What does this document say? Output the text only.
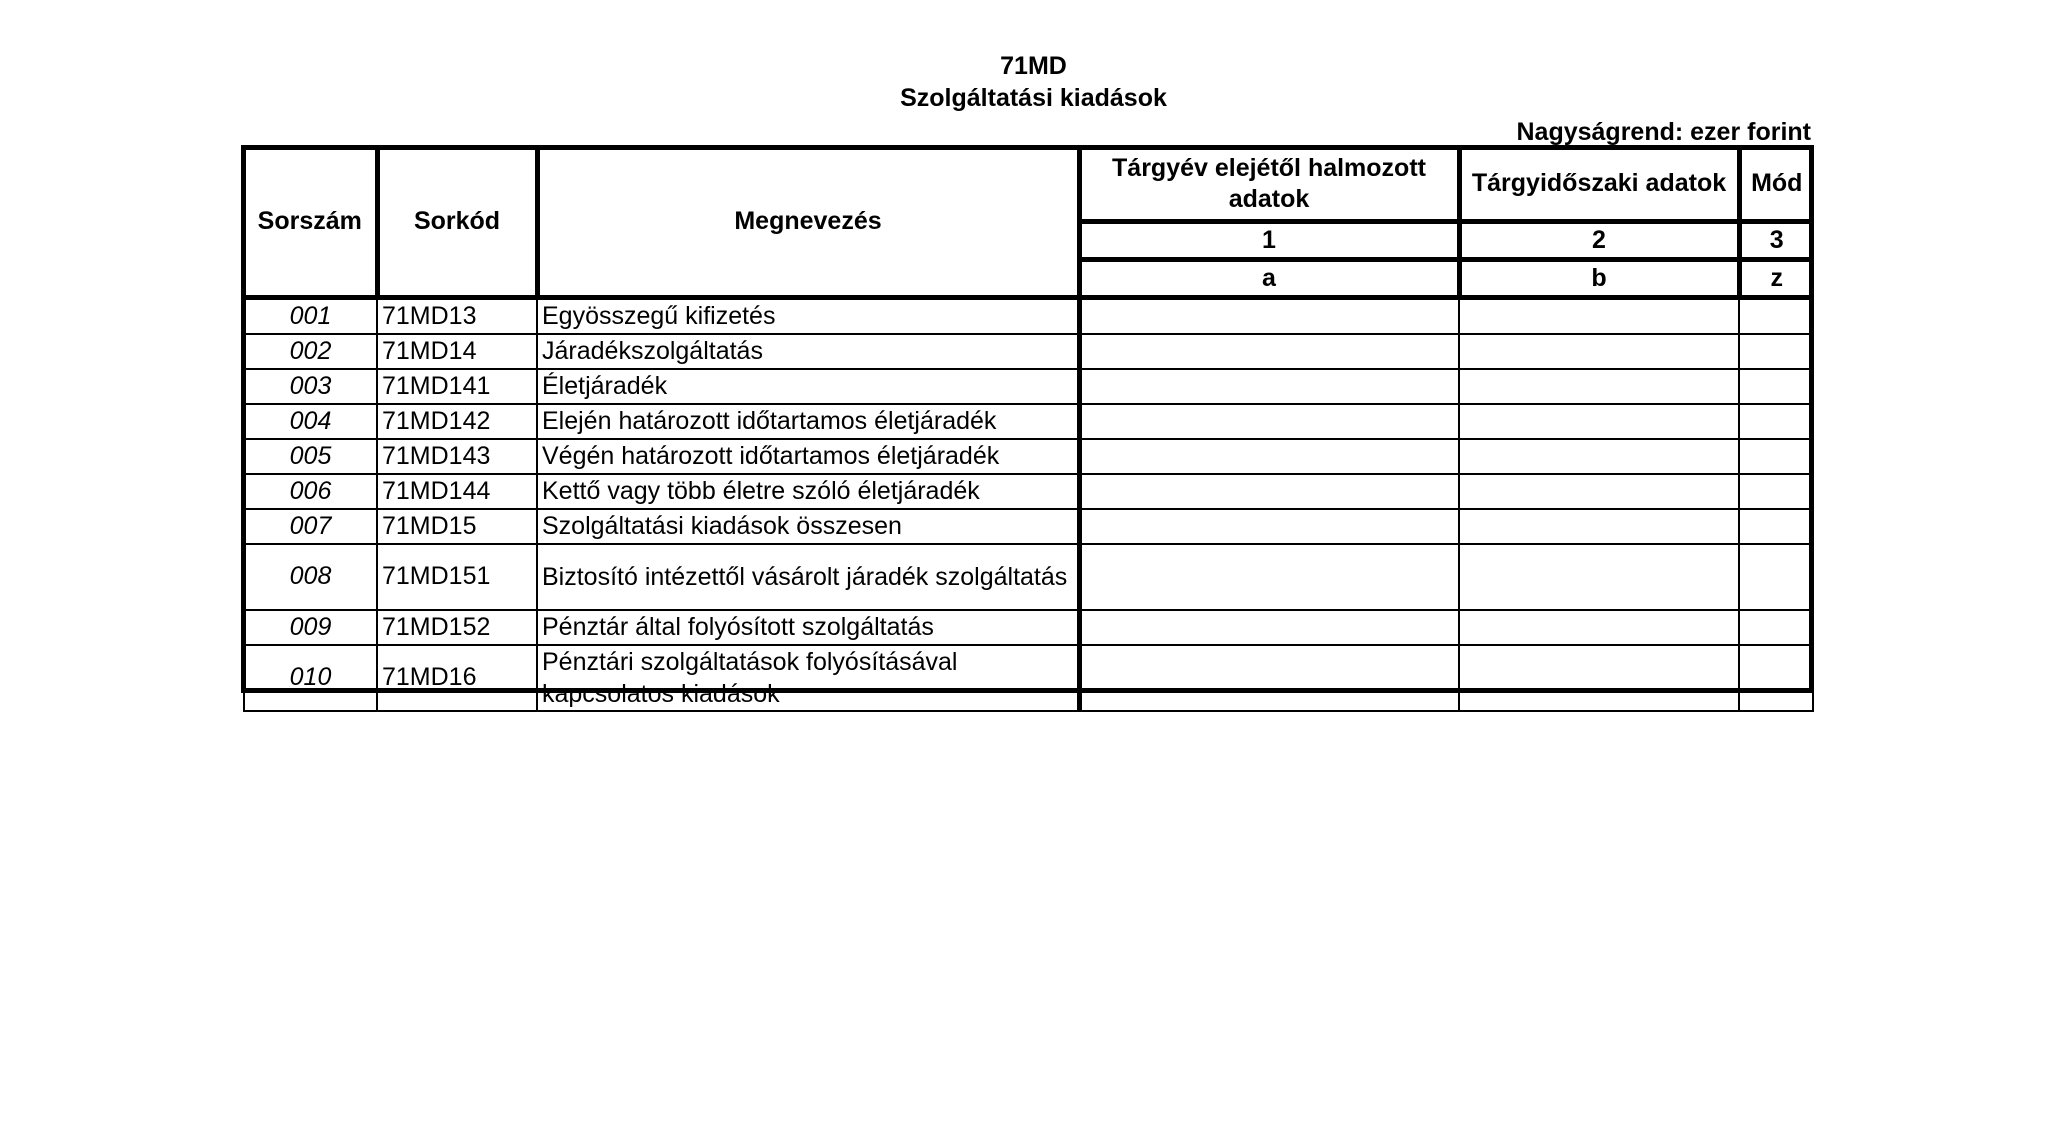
71MD
Szolgáltatási kiadások
Nagyságrend: ezer forint
Sorszám	Sorkód	Megnevezés	Tárgyév elejétől halmozott adatok	Tárgyidőszaki adatok	Mód
			1	2	3
			a	b	z
001	71MD13	Egyösszegű kifizetés			
002	71MD14	Járadékszolgáltatás			
003	71MD141	Életjáradék			
004	71MD142	Elején határozott időtartamos életjáradék			
005	71MD143	Végén határozott időtartamos életjáradék			
006	71MD144	Kettő vagy több életre szóló életjáradék			
007	71MD15	Szolgáltatási kiadások összesen			
008	71MD151	Biztosító intézettől vásárolt járadék szolgáltatás			
009	71MD152	Pénztár által folyósított szolgáltatás			
010	71MD16	Pénztári szolgáltatások folyósításával kapcsolatos kiadások			
